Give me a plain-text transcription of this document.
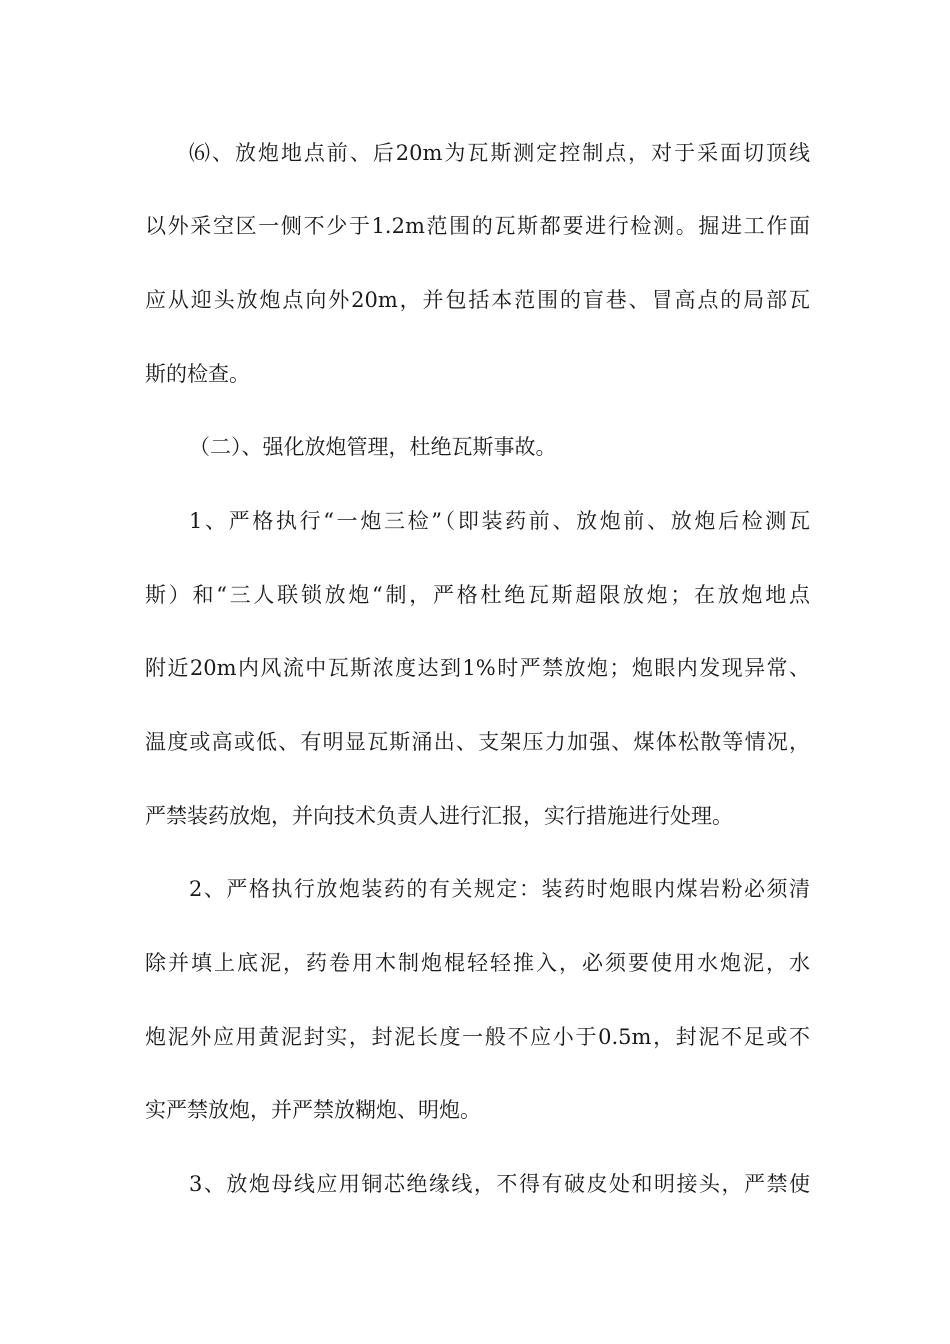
⑹、放炮地点前、后20m为瓦斯测定控制点，对于采面切顶线
以外采空区一侧不少于1.2m范围的瓦斯都要进行检测。掘进工作面
应从迎头放炮点向外20m，并包括本范围的盲巷、冒高点的局部瓦
斯的检查。
（二）、强化放炮管理，杜绝瓦斯事故。
1、严格执行“一炮三检”（即装药前、放炮前、放炮后检测瓦
斯）和“三人联锁放炮“制，严格杜绝瓦斯超限放炮；在放炮地点
附近20m内风流中瓦斯浓度达到1%时严禁放炮；炮眼内发现异常、
温度或高或低、有明显瓦斯涌出、支架压力加强、煤体松散等情况，
严禁装药放炮，并向技术负责人进行汇报，实行措施进行处理。
2、严格执行放炮装药的有关规定：装药时炮眼内煤岩粉必须清
除并填上底泥，药卷用木制炮棍轻轻推入，必须要使用水炮泥，水
炮泥外应用黄泥封实，封泥长度一般不应小于0.5m，封泥不足或不
实严禁放炮，并严禁放糊炮、明炮。
3、放炮母线应用铜芯绝缘线，不得有破皮处和明接头，严禁使
